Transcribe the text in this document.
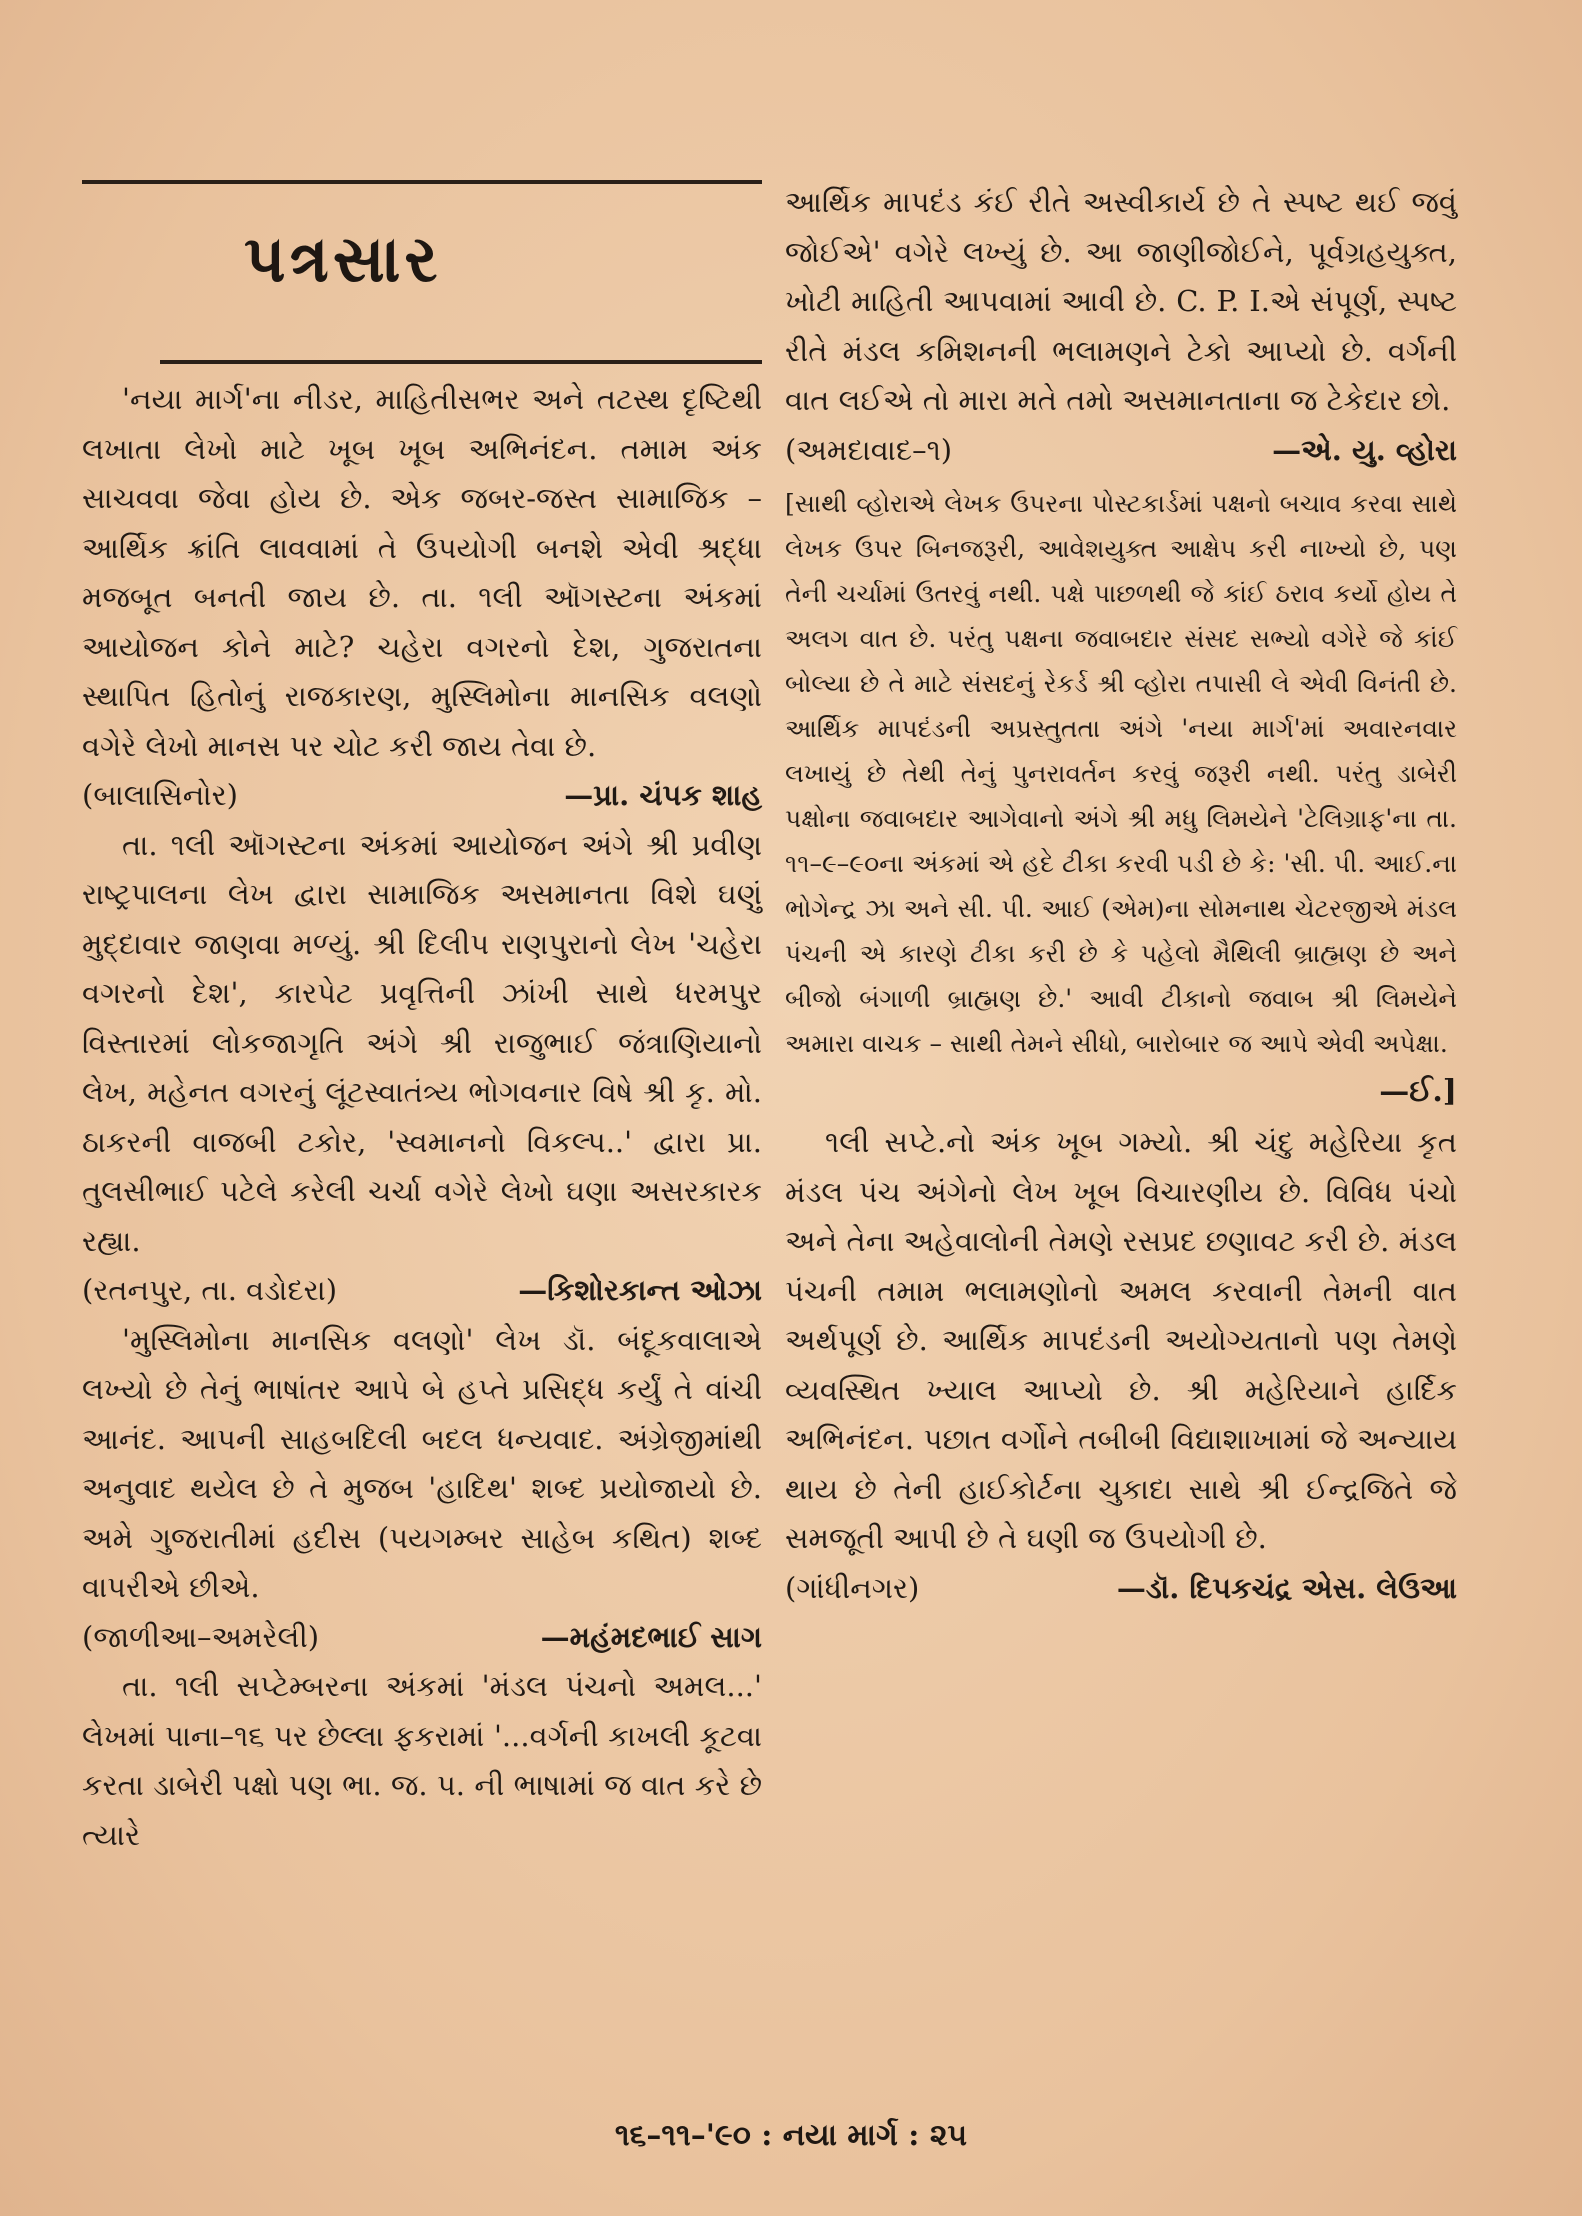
પત્રસાર

'નયા માર્ગ'ના નીડર, માહિતીસભર અને તટસ્થ દૃષ્ટિથી લખાતા લેખો માટે ખૂબ ખૂબ અભિનંદન. તમામ અંક સાચવવા જેવા હોય છે. એક જબર-જસ્ત સામાજિક – આર્થિક ક્રાંતિ લાવવામાં તે ઉપયોગી બનશે એવી શ્રદ્ધા મજબૂત બનતી જાય છે. તા. ૧લી ઑગસ્ટના અંકમાં આયોજન કોને માટે? ચહેરા વગરનો દેશ, ગુજરાતના સ્થાપિત હિતોનું રાજકારણ, મુસ્લિમોના માનસિક વલણો વગેરે લેખો માનસ પર ચોટ કરી જાય તેવા છે.

(બાલાસિનોર)	—પ્રા. ચંપક શાહ

તા. ૧લી ઑગસ્ટના અંકમાં આયોજન અંગે શ્રી પ્રવીણ રાષ્ટ્રપાલના લેખ દ્વારા સામાજિક અસમાનતા વિશે ઘણું મુદ્દાવાર જાણવા મળ્યું. શ્રી દિલીપ રાણપુરાનો લેખ 'ચહેરા વગરનો દેશ', કારપેટ પ્રવૃત્તિની ઝાંખી સાથે ધરમપુર વિસ્તારમાં લોકજાગૃતિ અંગે શ્રી રાજુભાઈ જંત્રાણિયાનો લેખ, મહેનત વગરનું લૂંટસ્વાતંત્ર્ય ભોગવનાર વિષે શ્રી કૃ. મો. ઠાકરની વાજબી ટકોર, 'સ્વમાનનો વિકલ્પ..' દ્વારા પ્રા. તુલસીભાઈ પટેલે કરેલી ચર્ચા વગેરે લેખો ઘણા અસરકારક રહ્યા.

(રતનપુર, તા. વડોદરા)	—કિશોરકાન્ત ઓઝા

'મુસ્લિમોના માનસિક વલણો' લેખ ડૉ. બંદૂકવાલાએ લખ્યો છે તેનું ભાષાંતર આપે બે હપ્તે પ્રસિદ્ધ કર્યું તે વાંચી આનંદ. આપની સાહબદિલી બદલ ધન્યવાદ. અંગ્રેજીમાંથી અનુવાદ થયેલ છે તે મુજબ 'હાદિથ' શબ્દ પ્રયોજાયો છે. અમે ગુજરાતીમાં હદીસ (પયગમ્બર સાહેબ કથિત) શબ્દ વાપરીએ છીએ.

(જાળીઆ–અમરેલી)	—મહંમદભાઈ સાગ

તા. ૧લી સપ્ટેમ્બરના અંકમાં 'મંડલ પંચનો અમલ...' લેખમાં પાના–૧૬ પર છેલ્લા ફકરામાં '...વર્ગની કાખલી કૂટવા કરતા ડાબેરી પક્ષો પણ ભા. જ. પ. ની ભાષામાં જ વાત કરે છે ત્યારે

આર્થિક માપદંડ કંઈ રીતે અસ્વીકાર્ય છે તે સ્પષ્ટ થઈ જવું જોઈએ' વગેરે લખ્યું છે. આ જાણીજોઈને, પૂર્વગ્રહયુક્ત, ખોટી માહિતી આપવામાં આવી છે. C. P. I.એ સંપૂર્ણ, સ્પષ્ટ રીતે મંડલ કમિશનની ભલામણને ટેકો આપ્યો છે. વર્ગની વાત લઈએ તો મારા મતે તમો અસમાનતાના જ ટેકેદાર છો.

(અમદાવાદ–૧)	—એ. યુ. વ્હોરા

[સાથી વ્હોરાએ લેખક ઉપરના પોસ્ટકાર્ડમાં પક્ષનો બચાવ કરવા સાથે લેખક ઉપર બિનજરૂરી, આવેશયુક્ત આક્ષેપ કરી નાખ્યો છે, પણ તેની ચર્ચામાં ઉતરવું નથી. પક્ષે પાછળથી જે કાંઈ ઠરાવ કર્યો હોય તે અલગ વાત છે. પરંતુ પક્ષના જવાબદાર સંસદ સભ્યો વગેરે જે કાંઈ બોલ્યા છે તે માટે સંસદનું રેકર્ડ શ્રી વ્હોરા તપાસી લે એવી વિનંતી છે. આર્થિક માપદંડની અપ્રસ્તુતતા અંગે 'નયા માર્ગ'માં અવારનવાર લખાયું છે તેથી તેનું પુનરાવર્તન કરવું જરૂરી નથી. પરંતુ ડાબેરી પક્ષોના જવાબદાર આગેવાનો અંગે શ્રી મધુ લિમયેને 'ટેલિગ્રાફ'ના તા. ૧૧–૯–૯૦ના અંકમાં એ હદે ટીકા કરવી પડી છે કે: 'સી. પી. આઈ.ના ભોગેન્દ્ર ઝા અને સી. પી. આઈ (એમ)ના સોમનાથ ચેટરજીએ મંડલ પંચની એ કારણે ટીકા કરી છે કે પહેલો મૈથિલી બ્રાહ્મણ છે અને બીજો બંગાળી બ્રાહ્મણ છે.' આવી ટીકાનો જવાબ શ્રી લિમયેને અમારા વાચક – સાથી તેમને સીધો, બારોબાર જ આપે એવી અપેક્ષા.

—ઈ.]

૧લી સપ્ટે.નો અંક ખૂબ ગમ્યો. શ્રી ચંદુ મહેરિયા કૃત મંડલ પંચ અંગેનો લેખ ખૂબ વિચારણીય છે. વિવિધ પંચો અને તેના અહેવાલોની તેમણે રસપ્રદ છણાવટ કરી છે. મંડલ પંચની તમામ ભલામણોનો અમલ કરવાની તેમની વાત અર્થપૂર્ણ છે. આર્થિક માપદંડની અયોગ્યતાનો પણ તેમણે વ્યવસ્થિત ખ્યાલ આપ્યો છે. શ્રી મહેરિયાને હાર્દિક અભિનંદન. પછાત વર્ગોને તબીબી વિદ્યાશાખામાં જે અન્યાય થાય છે તેની હાઈકોર્ટના ચુકાદા સાથે શ્રી ઈન્દ્રજિતે જે સમજૂતી આપી છે તે ઘણી જ ઉપયોગી છે.

(ગાંધીનગર)	—ડૉ. દિપકચંદ્ર એસ. લેઉઆ
૧૬–૧૧–'૯૦ : નયા માર્ગ : ૨૫
